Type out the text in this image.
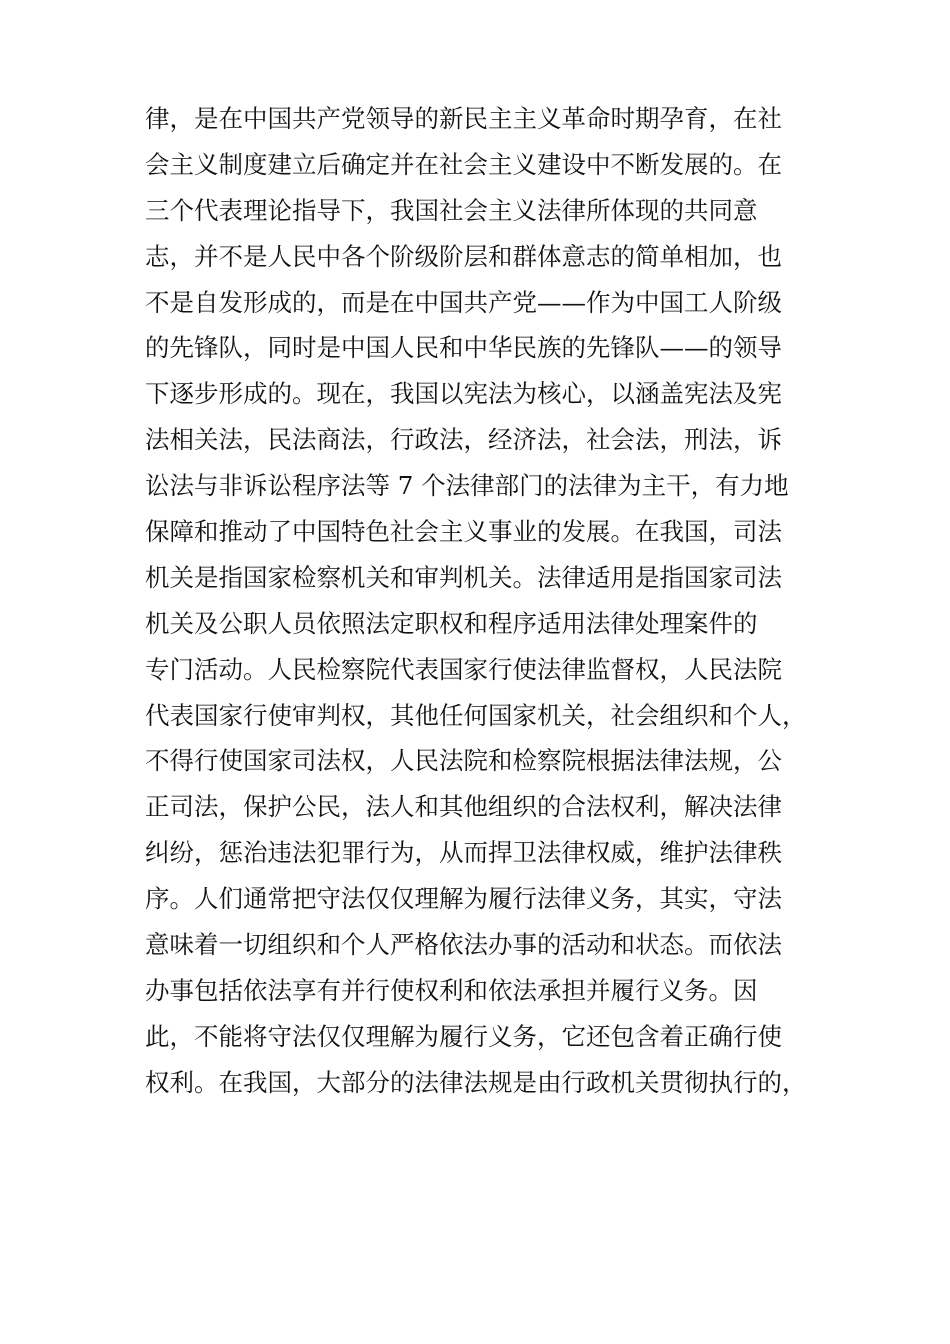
律，是在中国共产党领导的新民主主义革命时期孕育，在社
会主义制度建立后确定并在社会主义建设中不断发展的。在
三个代表理论指导下，我国社会主义法律所体现的共同意
志，并不是人民中各个阶级阶层和群体意志的简单相加，也
不是自发形成的，而是在中国共产党——作为中国工人阶级
的先锋队，同时是中国人民和中华民族的先锋队——的领导
下逐步形成的。现在，我国以宪法为核心，以涵盖宪法及宪
法相关法，民法商法，行政法，经济法，社会法，刑法，诉
讼法与非诉讼程序法等 7 个法律部门的法律为主干，有力地
保障和推动了中国特色社会主义事业的发展。在我国，司法
机关是指国家检察机关和审判机关。法律适用是指国家司法
机关及公职人员依照法定职权和程序适用法律处理案件的
专门活动。人民检察院代表国家行使法律监督权，人民法院
代表国家行使审判权，其他任何国家机关，社会组织和个人，
不得行使国家司法权，人民法院和检察院根据法律法规，公
正司法，保护公民，法人和其他组织的合法权利，解决法律
纠纷，惩治违法犯罪行为，从而捍卫法律权威，维护法律秩
序。人们通常把守法仅仅理解为履行法律义务，其实，守法
意味着一切组织和个人严格依法办事的活动和状态。而依法
办事包括依法享有并行使权利和依法承担并履行义务。因
此，不能将守法仅仅理解为履行义务，它还包含着正确行使
权利。在我国，大部分的法律法规是由行政机关贯彻执行的，
